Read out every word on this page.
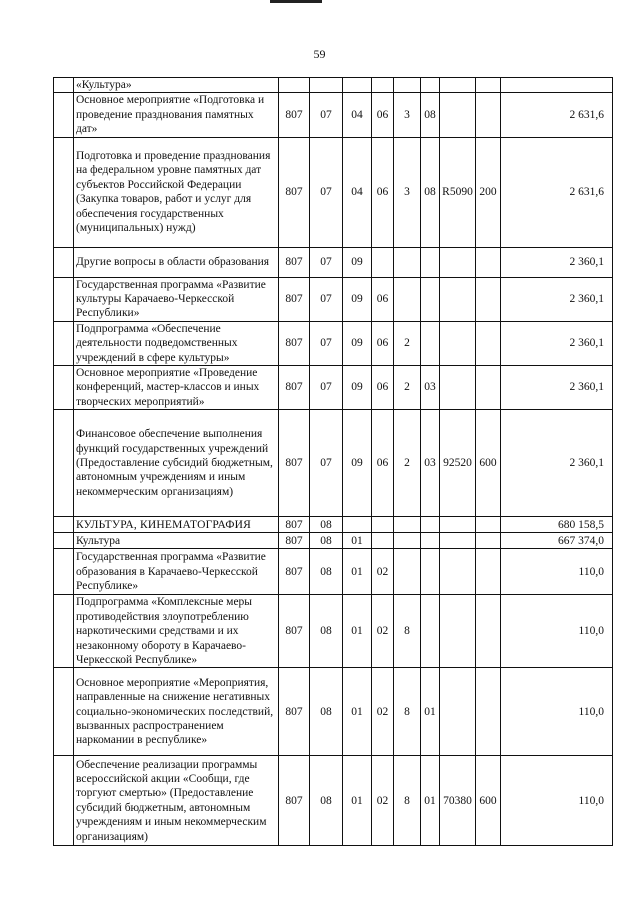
59
	«Культура»									
	Основное мероприятие «Подготовка и проведение празднования памятных дат»	807	07	04	06	3	08			2 631,6
	Подготовка и проведение празднования на федеральном уровне памятных дат субъектов Российской Федерации (Закупка товаров, работ и услуг для обеспечения государственных (муниципальных) нужд)	807	07	04	06	3	08	R5090	200	2 631,6
	Другие вопросы в области образования	807	07	09						2 360,1
	Государственная программа «Развитие культуры Карачаево-Черкесской Республики»	807	07	09	06					2 360,1
	Подпрограмма «Обеспечение деятельности подведомственных учреждений в сфере культуры»	807	07	09	06	2				2 360,1
	Основное мероприятие «Проведение конференций, мастер-классов и иных творческих мероприятий»	807	07	09	06	2	03			2 360,1
	Финансовое обеспечение выполнения функций государственных учреждений (Предоставление субсидий бюджетным, автономным учреждениям и иным некоммерческим организациям)	807	07	09	06	2	03	92520	600	2 360,1
	КУЛЬТУРА, КИНЕМАТОГРАФИЯ	807	08							680 158,5
	Культура	807	08	01						667 374,0
	Государственная программа «Развитие образования в Карачаево-Черкесской Республике»	807	08	01	02					110,0
	Подпрограмма «Комплексные меры противодействия злоупотреблению наркотическими средствами и их незаконному обороту в Карачаево-Черкесской Республике»	807	08	01	02	8				110,0
	Основное мероприятие «Мероприятия, направленные на снижение негативных социально-экономических последствий, вызванных распространением наркомании в республике»	807	08	01	02	8	01			110,0
	Обеспечение реализации программы всероссийской акции «Сообщи, где торгуют смертью» (Предоставление субсидий бюджетным, автономным учреждениям и иным некоммерческим организациям)	807	08	01	02	8	01	70380	600	110,0
